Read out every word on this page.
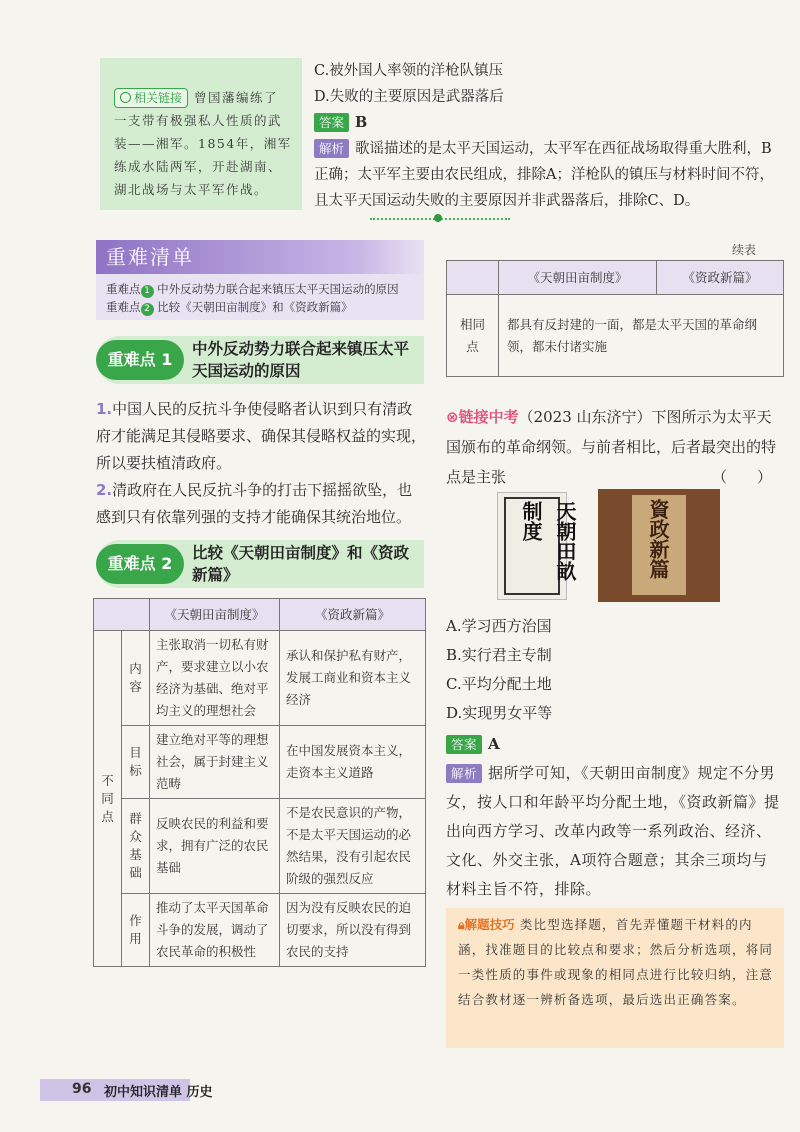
相关链接 曾国藩编练了一支带有极强私人性质的武装——湘军。1854年，湘军练成水陆两军，开赴湖南、湖北战场与太平军作战。
C.被外国人率领的洋枪队镇压
D.失败的主要原因是武器落后
答案 B
解析 歌谣描述的是太平天国运动，太平军在西征战场取得重大胜利，B正确；太平军主要由农民组成，排除A；洋枪队的镇压与材料时间不符，且太平天国运动失败的主要原因并非武器落后，排除C、D。
重难清单
重难点 1 中外反动势力联合起来镇压太平天国运动的原因
重难点 2 比较《天朝田亩制度》和《资政新篇》
重难点 1
中外反动势力联合起来镇压太平天国运动的原因
1.中国人民的反抗斗争使侵略者认识到只有清政府才能满足其侵略要求、确保其侵略权益的实现，所以要扶植清政府。
2.清政府在人民反抗斗争的打击下摇摇欲坠，也感到只有依靠列强的支持才能确保其统治地位。
重难点 2
比较《天朝田亩制度》和《资政新篇》
		《天朝田亩制度》	《资政新篇》
不同点	内容	主张取消一切私有财产，要求建立以小农经济为基础、绝对平均主义的理想社会	承认和保护私有财产，发展工商业和资本主义经济
	目标	建立绝对平等的理想社会，属于封建主义范畴	在中国发展资本主义，走资本主义道路
	群众基础	反映农民的利益和要求，拥有广泛的农民基础	不是农民意识的产物，不是太平天国运动的必然结果，没有引起农民阶级的强烈反应
	作用	推动了太平天国革命斗争的发展，调动了农民革命的积极性	因为没有反映农民的迫切要求，所以没有得到农民的支持
续表
	《天朝田亩制度》	《资政新篇》
相同点	都具有反封建的一面，都是太平天国的革命纲领，都未付诸实施	
⊗链接中考（2023 山东济宁）下图所示为太平天国颁布的革命纲领。与前者相比，后者最突出的特点是主张	（　　）
天朝田畝制度	資政新篇
A.学习西方治国
B.实行君主专制
C.平均分配土地
D.实现男女平等
答案 A
解析 据所学可知，《天朝田亩制度》规定不分男女，按人口和年龄平均分配土地，《资政新篇》提出向西方学习、改革内政等一系列政治、经济、文化、外交主张，A项符合题意；其余三项均与材料主旨不符，排除。
🔒︎解题技巧 类比型选择题，首先弄懂题干材料的内涵，找准题目的比较点和要求；然后分析选项，将同一类性质的事件或现象的相同点进行比较归纳，注意结合教材逐一辨析备选项，最后选出正确答案。
96 初中知识清单 历史
